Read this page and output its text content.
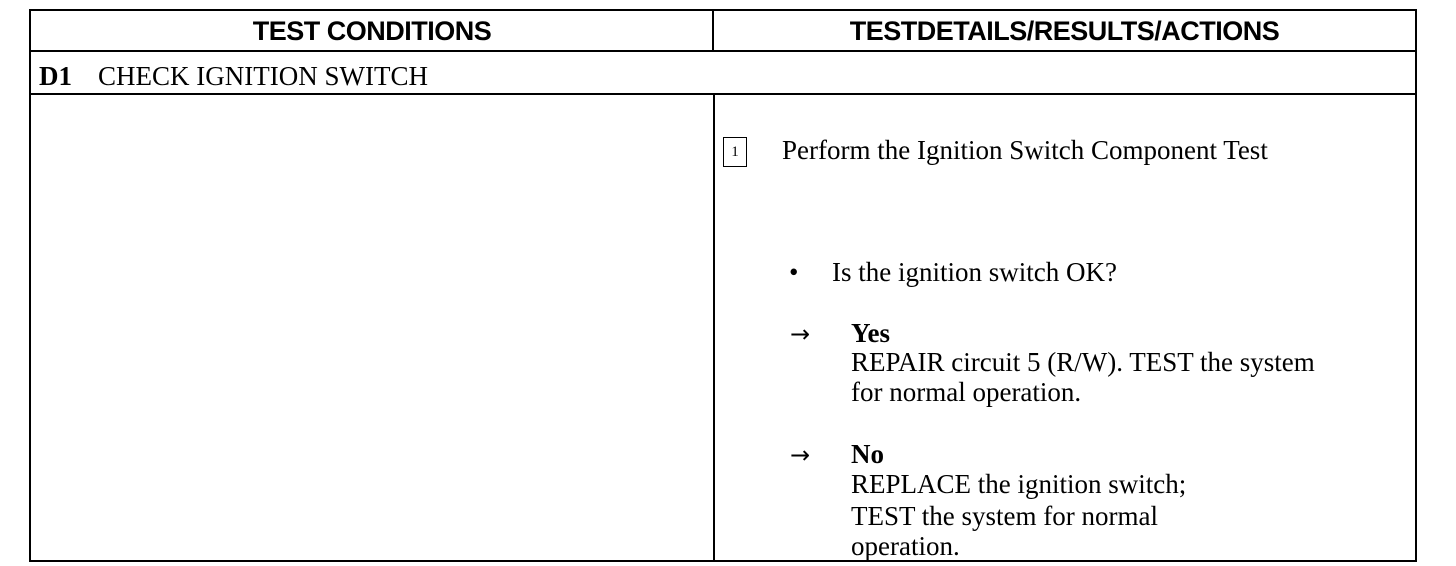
TEST CONDITIONS	TESTDETAILS/RESULTS/ACTIONS
D1 CHECK IGNITION SWITCH
1	Perform the Ignition Switch Component Test
• Is the ignition switch OK?
→ Yes
REPAIR circuit 5 (R/W). TEST the system
for normal operation.
→ No
REPLACE the ignition switch;
TEST the system for normal
operation.
